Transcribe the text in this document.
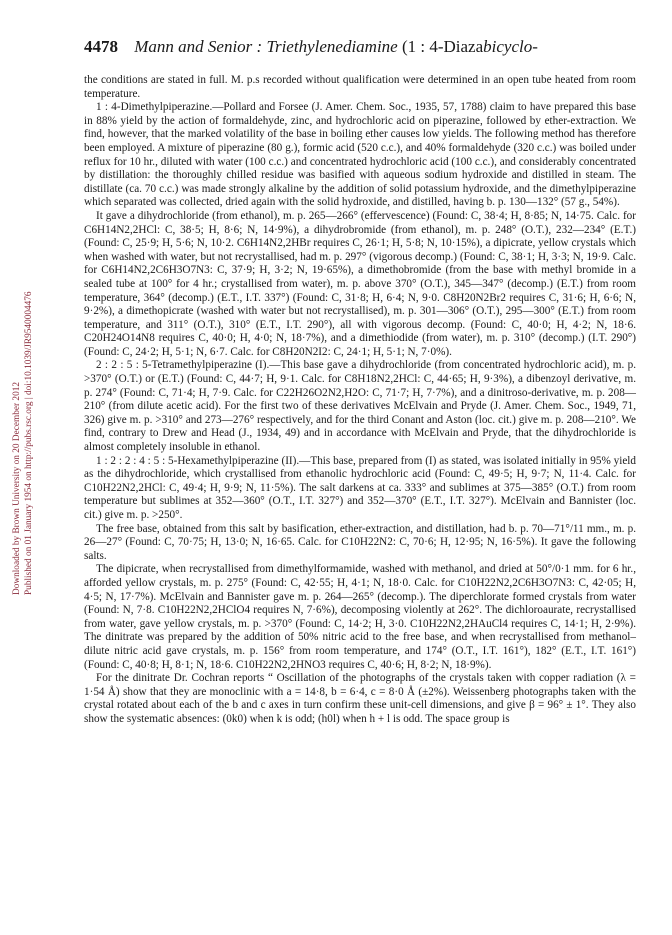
Downloaded by Brown University on 20 December 2012 Published on 01 January 1954 on http://pubs.rsc.org | doi:10.1039/JR9540004476
4478 Mann and Senior : Triethylenediamine (1 : 4-Diazabicyclo-

the conditions are stated in full. M. p.s recorded without qualification were determined in an open tube heated from room temperature.

1 : 4-Dimethylpiperazine.—Pollard and Forsee (J. Amer. Chem. Soc., 1935, 57, 1788) claim to have prepared this base in 88% yield by the action of formaldehyde, zinc, and hydrochloric acid on piperazine, followed by ether-extraction. We find, however, that the marked volatility of the base in boiling ether causes low yields. The following method has therefore been employed. A mixture of piperazine (80 g.), formic acid (520 c.c.), and 40% formaldehyde (320 c.c.) was boiled under reflux for 10 hr., diluted with water (100 c.c.) and concentrated hydrochloric acid (100 c.c.), and considerably concentrated by distillation: the thoroughly chilled residue was basified with aqueous sodium hydroxide and distilled in steam. The distillate (ca. 70 c.c.) was made strongly alkaline by the addition of solid potassium hydroxide, and the dimethylpiperazine which separated was collected, dried again with the solid hydroxide, and distilled, having b. p. 130—132° (57 g., 54%).

It gave a dihydrochloride (from ethanol), m. p. 265—266° (effervescence) (Found: C, 38·4; H, 8·85; N, 14·75. Calc. for C6H14N2,2HCl: C, 38·5; H, 8·6; N, 14·9%), a dihydrobromide (from ethanol), m. p. 248° (O.T.), 232—234° (E.T.) (Found: C, 25·9; H, 5·6; N, 10·2. C6H14N2,2HBr requires C, 26·1; H, 5·8; N, 10·15%), a dipicrate, yellow crystals which when washed with water, but not recrystallised, had m. p. 297° (vigorous decomp.) (Found: C, 38·1; H, 3·3; N, 19·9. Calc. for C6H14N2,2C6H3O7N3: C, 37·9; H, 3·2; N, 19·65%), a dimethobromide (from the base with methyl bromide in a sealed tube at 100° for 4 hr.; crystallised from water), m. p. above 370° (O.T.), 345—347° (decomp.) (E.T.) from room temperature, 364° (decomp.) (E.T., I.T. 337°) (Found: C, 31·8; H, 6·4; N, 9·0. C8H20N2Br2 requires C, 31·6; H, 6·6; N, 9·2%), a dimethopicrate (washed with water but not recrystallised), m. p. 301—306° (O.T.), 295—300° (E.T.) from room temperature, and 311° (O.T.), 310° (E.T., I.T. 290°), all with vigorous decomp. (Found: C, 40·0; H, 4·2; N, 18·6. C20H24O14N8 requires C, 40·0; H, 4·0; N, 18·7%), and a dimethiodide (from water), m. p. 310° (decomp.) (I.T. 290°) (Found: C, 24·2; H, 5·1; N, 6·7. Calc. for C8H20N2I2: C, 24·1; H, 5·1; N, 7·0%).

2 : 2 : 5 : 5-Tetramethylpiperazine (I).—This base gave a dihydrochloride (from concentrated hydrochloric acid), m. p. >370° (O.T.) or (E.T.) (Found: C, 44·7; H, 9·1. Calc. for C8H18N2,2HCl: C, 44·65; H, 9·3%), a dibenzoyl derivative, m. p. 274° (Found: C, 71·4; H, 7·9. Calc. for C22H26O2N2,H2O: C, 71·7; H, 7·7%), and a dinitroso-derivative, m. p. 208—210° (from dilute acetic acid). For the first two of these derivatives McElvain and Pryde (J. Amer. Chem. Soc., 1949, 71, 326) give m. p. >310° and 273—276° respectively, and for the third Conant and Aston (loc. cit.) give m. p. 208—210°. We find, contrary to Drew and Head (J., 1934, 49) and in accordance with McElvain and Pryde, that the dihydrochloride is almost completely insoluble in ethanol.

1 : 2 : 2 : 4 : 5 : 5-Hexamethylpiperazine (II).—This base, prepared from (I) as stated, was isolated initially in 95% yield as the dihydrochloride, which crystallised from ethanolic hydrochloric acid (Found: C, 49·5; H, 9·7; N, 11·4. Calc. for C10H22N2,2HCl: C, 49·4; H, 9·9; N, 11·5%). The salt darkens at ca. 333° and sublimes at 375—385° (O.T.) from room temperature but sublimes at 352—360° (O.T., I.T. 327°) and 352—370° (E.T., I.T. 327°). McElvain and Bannister (loc. cit.) give m. p. >250°.

The free base, obtained from this salt by basification, ether-extraction, and distillation, had b. p. 70—71°/11 mm., m. p. 26—27° (Found: C, 70·75; H, 13·0; N, 16·65. Calc. for C10H22N2: C, 70·6; H, 12·95; N, 16·5%). It gave the following salts.

The dipicrate, when recrystallised from dimethylformamide, washed with methanol, and dried at 50°/0·1 mm. for 6 hr., afforded yellow crystals, m. p. 275° (Found: C, 42·55; H, 4·1; N, 18·0. Calc. for C10H22N2,2C6H3O7N3: C, 42·05; H, 4·5; N, 17·7%). McElvain and Bannister gave m. p. 264—265° (decomp.). The diperchlorate formed crystals from water (Found: N, 7·8. C10H22N2,2HClO4 requires N, 7·6%), decomposing violently at 262°. The dichloroaurate, recrystallised from water, gave yellow crystals, m. p. >370° (Found: C, 14·2; H, 3·0. C10H22N2,2HAuCl4 requires C, 14·1; H, 2·9%). The dinitrate was prepared by the addition of 50% nitric acid to the free base, and when recrystallised from methanol–dilute nitric acid gave crystals, m. p. 156° from room temperature, and 174° (O.T., I.T. 161°), 182° (E.T., I.T. 161°) (Found: C, 40·8; H, 8·1; N, 18·6. C10H22N2,2HNO3 requires C, 40·6; H, 8·2; N, 18·9%).

For the dinitrate Dr. Cochran reports “ Oscillation of the photographs of the crystals taken with copper radiation (λ = 1·54 Å) show that they are monoclinic with a = 14·8, b = 6·4, c = 8·0 Å (±2%). Weissenberg photographs taken with the crystal rotated about each of the b and c axes in turn confirm these unit-cell dimensions, and give β = 96° ± 1°. They also show the systematic absences: (0k0) when k is odd; (h0l) when h + l is odd. The space group is
